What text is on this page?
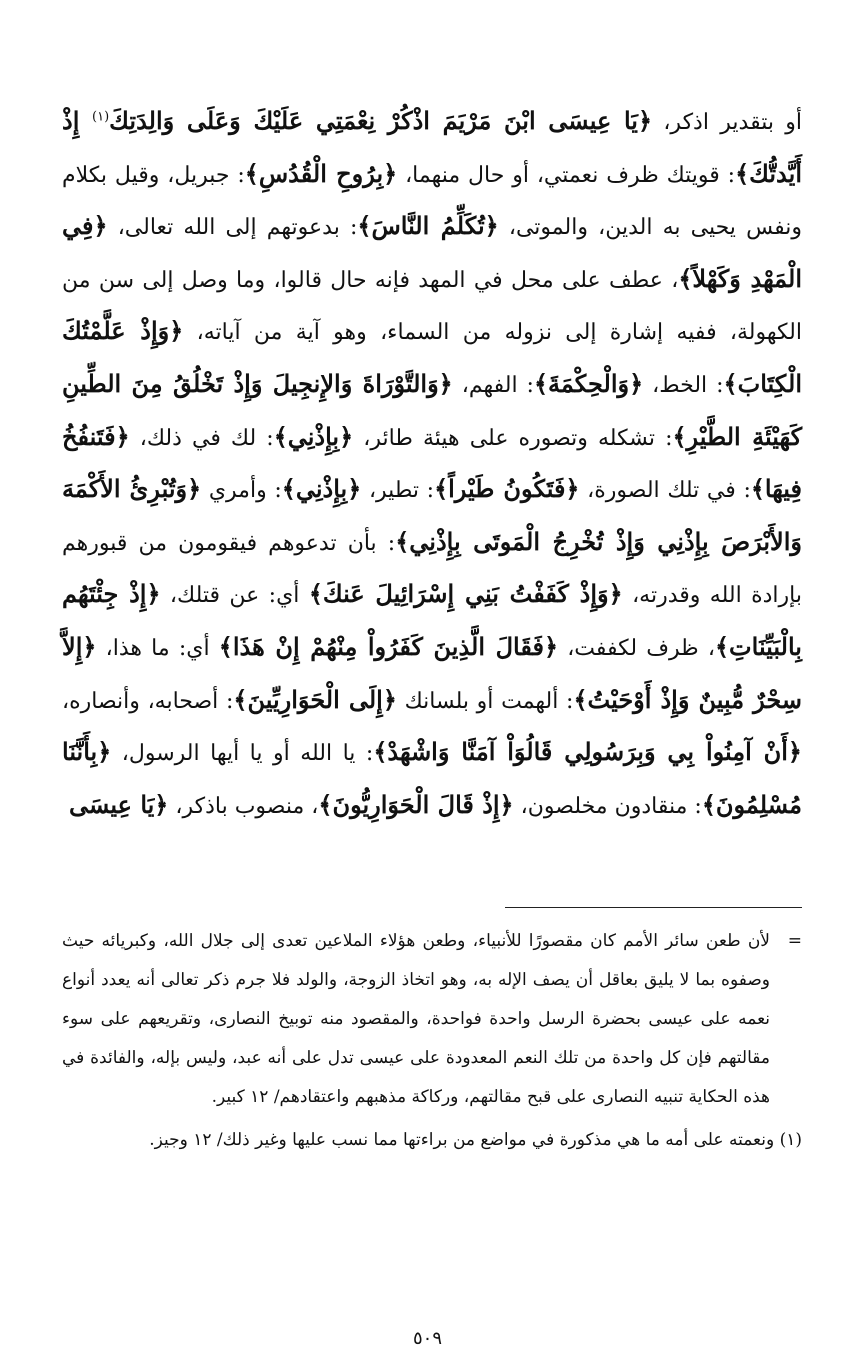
أو بتقدير اذكر، ﴿يَا عِيسَى ابْنَ مَرْيَمَ اذْكُرْ نِعْمَتِي عَلَيْكَ وَعَلَى وَالِدَتِكَ$^{(١)}$ إِذْ أَيَّدتُّكَ﴾: قويتك ظرف نعمتي، أو حال منهما، ﴿بِرُوحِ الْقُدُسِ﴾: جبريل، وقيل بكلام ونفس يحيى به الدين، والموتى، ﴿تُكَلِّمُ النَّاسَ﴾: بدعوتهم إلى الله تعالى، ﴿فِي الْمَهْدِ وَكَهْلاً﴾، عطف على محل في المهد فإنه حال قالوا، وما وصل إلى سن من الكهولة، ففيه إشارة إلى نزوله من السماء، وهو آية من آياته، ﴿وَإِذْ عَلَّمْتُكَ الْكِتَابَ﴾: الخط، ﴿وَالْحِكْمَةَ﴾: الفهم، ﴿وَالتَّوْرَاةَ وَالإِنجِيلَ وَإِذْ تَخْلُقُ مِنَ الطِّينِ كَهَيْئَةِ الطَّيْرِ﴾: تشكله وتصوره على هيئة طائر، ﴿بِإِذْنِي﴾: لك في ذلك، ﴿فَتَنفُخُ فِيهَا﴾: في تلك الصورة، ﴿فَتَكُونُ طَيْراً﴾: تطير، ﴿بِإِذْنِي﴾: وأمري ﴿وَتُبْرِئُ الأَكْمَهَ وَالأَبْرَصَ بِإِذْنِي وَإِذْ تُخْرِجُ الْمَوتَى بِإِذْنِي﴾: بأن تدعوهم فيقومون من قبورهم بإرادة الله وقدرته، ﴿وَإِذْ كَفَفْتُ بَنِي إِسْرَائِيلَ عَنكَ﴾ أي: عن قتلك، ﴿إِذْ جِئْتَهُم بِالْبَيِّنَاتِ﴾، ظرف لكففت، ﴿فَقَالَ الَّذِينَ كَفَرُواْ مِنْهُمْ إِنْ هَذَا﴾ أي: ما هذا، ﴿إِلاَّ سِحْرٌ مُّبِينٌ وَإِذْ أَوْحَيْتُ﴾: ألهمت أو بلسانك ﴿إِلَى الْحَوَارِيِّينَ﴾: أصحابه، وأنصاره، ﴿أَنْ آمِنُواْ بِي وَبِرَسُولِي قَالُوَاْ آمَنَّا وَاشْهَدْ﴾: يا الله أو يا أيها الرسول، ﴿بِأَنَّنَا مُسْلِمُونَ﴾: منقادون مخلصون، ﴿إِذْ قَالَ الْحَوَارِيُّونَ﴾، منصوب باذكر، ﴿يَا عِيسَى

=

لأن طعن سائر الأمم كان مقصورًا للأنبياء، وطعن هؤلاء الملاعين تعدى إلى جلال الله، وكبريائه حيث وصفوه بما لا يليق بعاقل أن يصف الإله به، وهو اتخاذ الزوجة، والولد فلا جرم ذكر تعالى أنه يعدد أنواع نعمه على عيسى بحضرة الرسل واحدة فواحدة، والمقصود منه توبيخ النصارى، وتقريعهم على سوء مقالتهم فإن كل واحدة من تلك النعم المعدودة على عيسى تدل على أنه عبد، وليس بإله، والفائدة في هذه الحكاية تنبيه النصارى على قبح مقالتهم، وركاكة مذهبهم واعتقادهم/ ١٢ كبير.

(١) ونعمته على أمه ما هي مذكورة في مواضع من براءتها مما نسب عليها وغير ذلك/ ١٢ وجيز.

٥٠٩
